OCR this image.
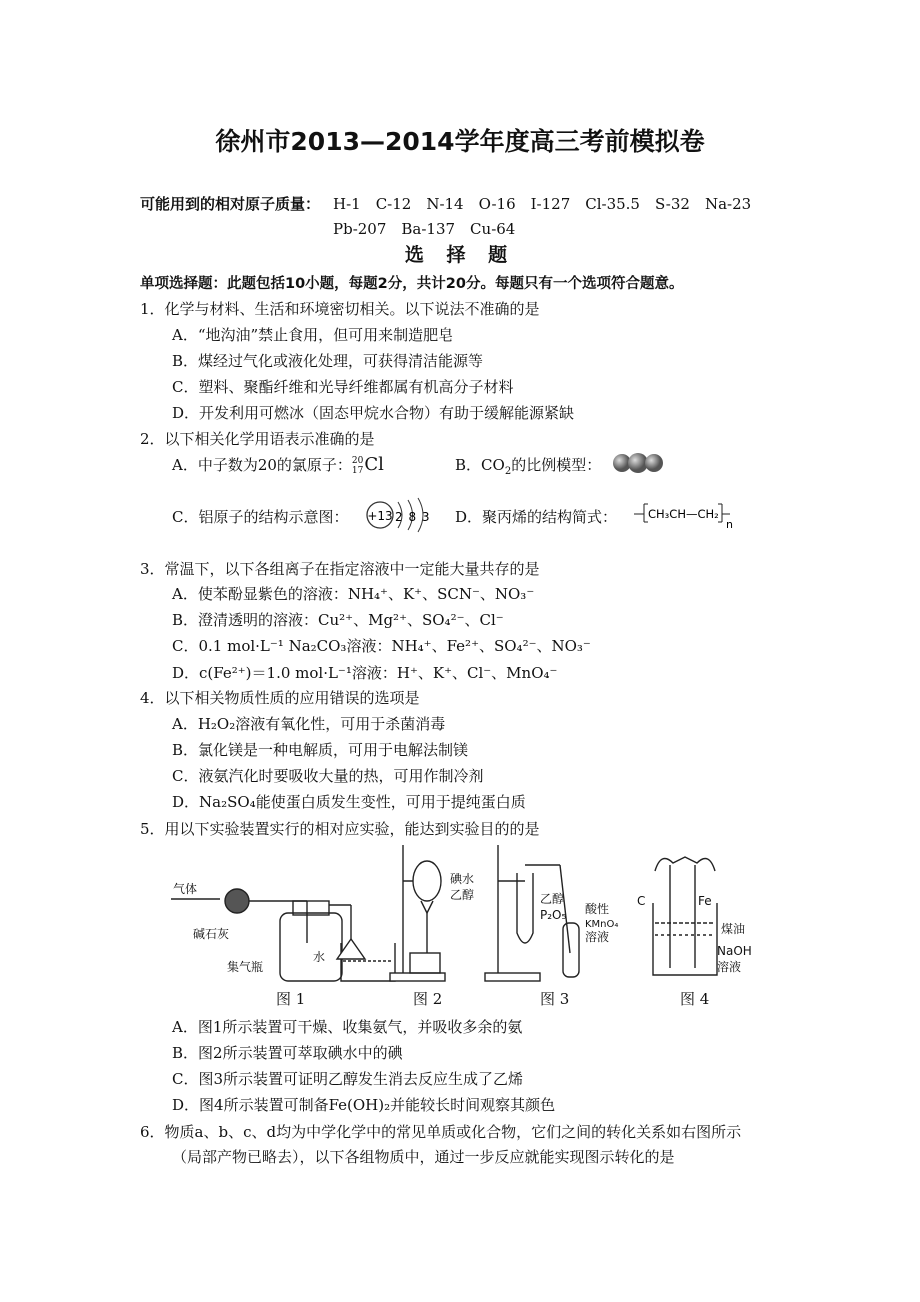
徐州市2013—2014学年度高三考前模拟卷
可能用到的相对原子质量： H-1　C-12　N-14　O-16　I-127　Cl-35.5　S-32　Na-23
Pb-207　Ba-137　Cu-64
选 择 题
单项选择题：此题包括10小题，每题2分，共计20分。每题只有一个选项符合题意。
1．化学与材料、生活和环境密切相关。以下说法不准确的是
A．“地沟油”禁止食用，但可用来制造肥皂
B．煤经过气化或液化处理，可获得清洁能源等
C．塑料、聚酯纤维和光导纤维都属有机高分子材料
D．开发利用可燃冰（固态甲烷水合物）有助于缓解能源紧缺
2．以下相关化学用语表示准确的是
A．中子数为20的氯原子：20
17Cl	B．$CO_2$的比例模型：
C．铝原子的结构示意图： +13 2 8 3 D．聚丙烯的结构简式：	CH₃CH—CH₂
n
3．常温下，以下各组离子在指定溶液中一定能大量共存的是
A．使苯酚显紫色的溶液：NH₄⁺、K⁺、SCN⁻、NO₃⁻
B．澄清透明的溶液：Cu²⁺、Mg²⁺、SO₄²⁻、Cl⁻
C．0.1 mol·L⁻¹ Na₂CO₃溶液：NH₄⁺、Fe²⁺、SO₄²⁻、NO₃⁻
D．c(Fe²⁺)＝1.0 mol·L⁻¹溶液：H⁺、K⁺、Cl⁻、MnO₄⁻
4．以下相关物质性质的应用错误的选项是
A．H₂O₂溶液有氧化性，可用于杀菌消毒
B．氯化镁是一种电解质，可用于电解法制镁
C．液氨汽化时要吸收大量的热，可用作制冷剂
D．Na₂SO₄能使蛋白质发生变性，可用于提纯蛋白质
5．用以下实验装置实行的相对应实验，能达到实验目的的是
气体
碱石灰
集气瓶
水
碘水
乙醇	乙醇
P₂O₅ 酸性
KMnO₄
溶液
C	Fe
煤油
NaOH
溶液
图 1	图 2	图 3	图 4
A．图1所示装置可干燥、收集氨气，并吸收多余的氨
B．图2所示装置可萃取碘水中的碘
C．图3所示装置可证明乙醇发生消去反应生成了乙烯
D．图4所示装置可制备Fe(OH)₂并能较长时间观察其颜色
6．物质a、b、c、d均为中学化学中的常见单质或化合物，它们之间的转化关系如右图所示
（局部产物已略去），以下各组物质中，通过一步反应就能实现图示转化的是
